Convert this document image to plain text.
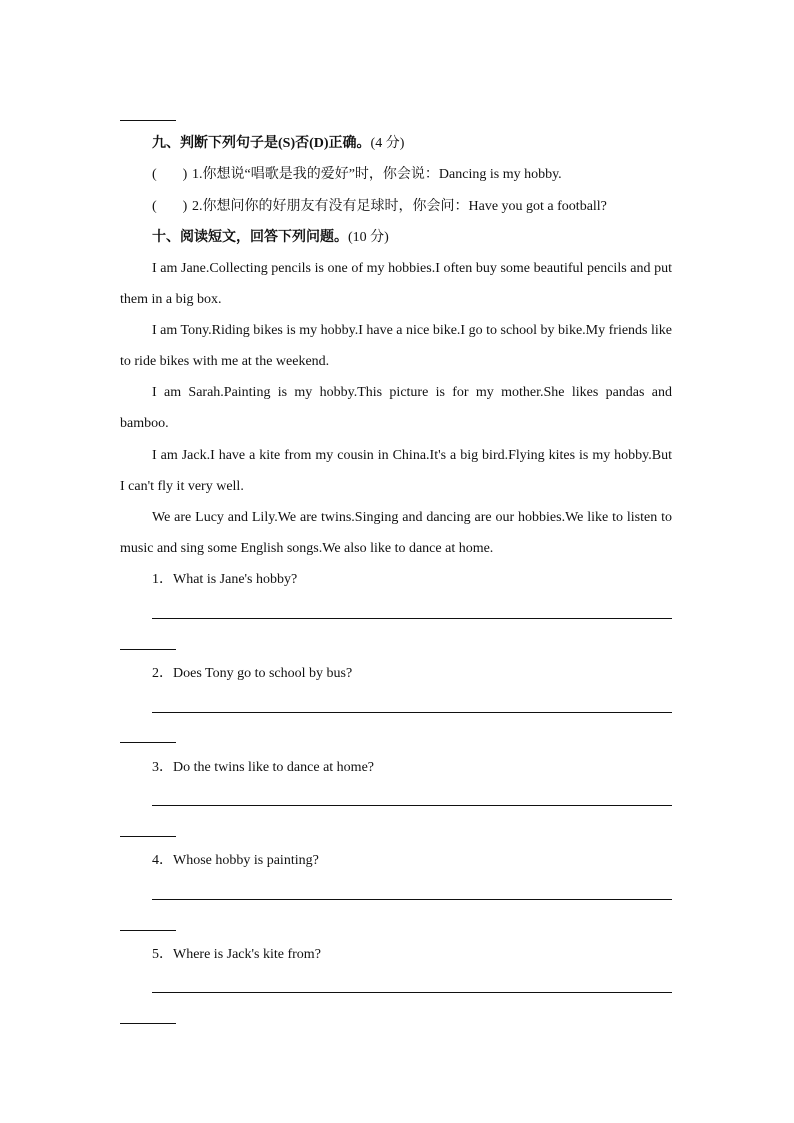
九、判断下列句子是(S)否(D)正确。(4 分)
( ) 1.你想说“唱歌是我的爱好”时，你会说：Dancing is my hobby.
( ) 2.你想问你的好朋友有没有足球时，你会问：Have you got a football?
十、阅读短文，回答下列问题。(10 分)
I am Jane.Collecting pencils is one of my hobbies.I often buy some beautiful pencils and put them in a big box.
I am Tony.Riding bikes is my hobby.I have a nice bike.I go to school by bike.My friends like to ride bikes with me at the weekend.
I am Sarah.Painting is my hobby.This picture is for my mother.She likes pandas and bamboo.
I am Jack.I have a kite from my cousin in China.It's a big bird.Flying kites is my hobby.But I can't fly it very well.
We are Lucy and Lily.We are twins.Singing and dancing are our hobbies.We like to listen to music and sing some English songs.We also like to dance at home.
1．What is Jane's hobby?
2．Does Tony go to school by bus?
3．Do the twins like to dance at home?
4．Whose hobby is painting?
5．Where is Jack's kite from?
